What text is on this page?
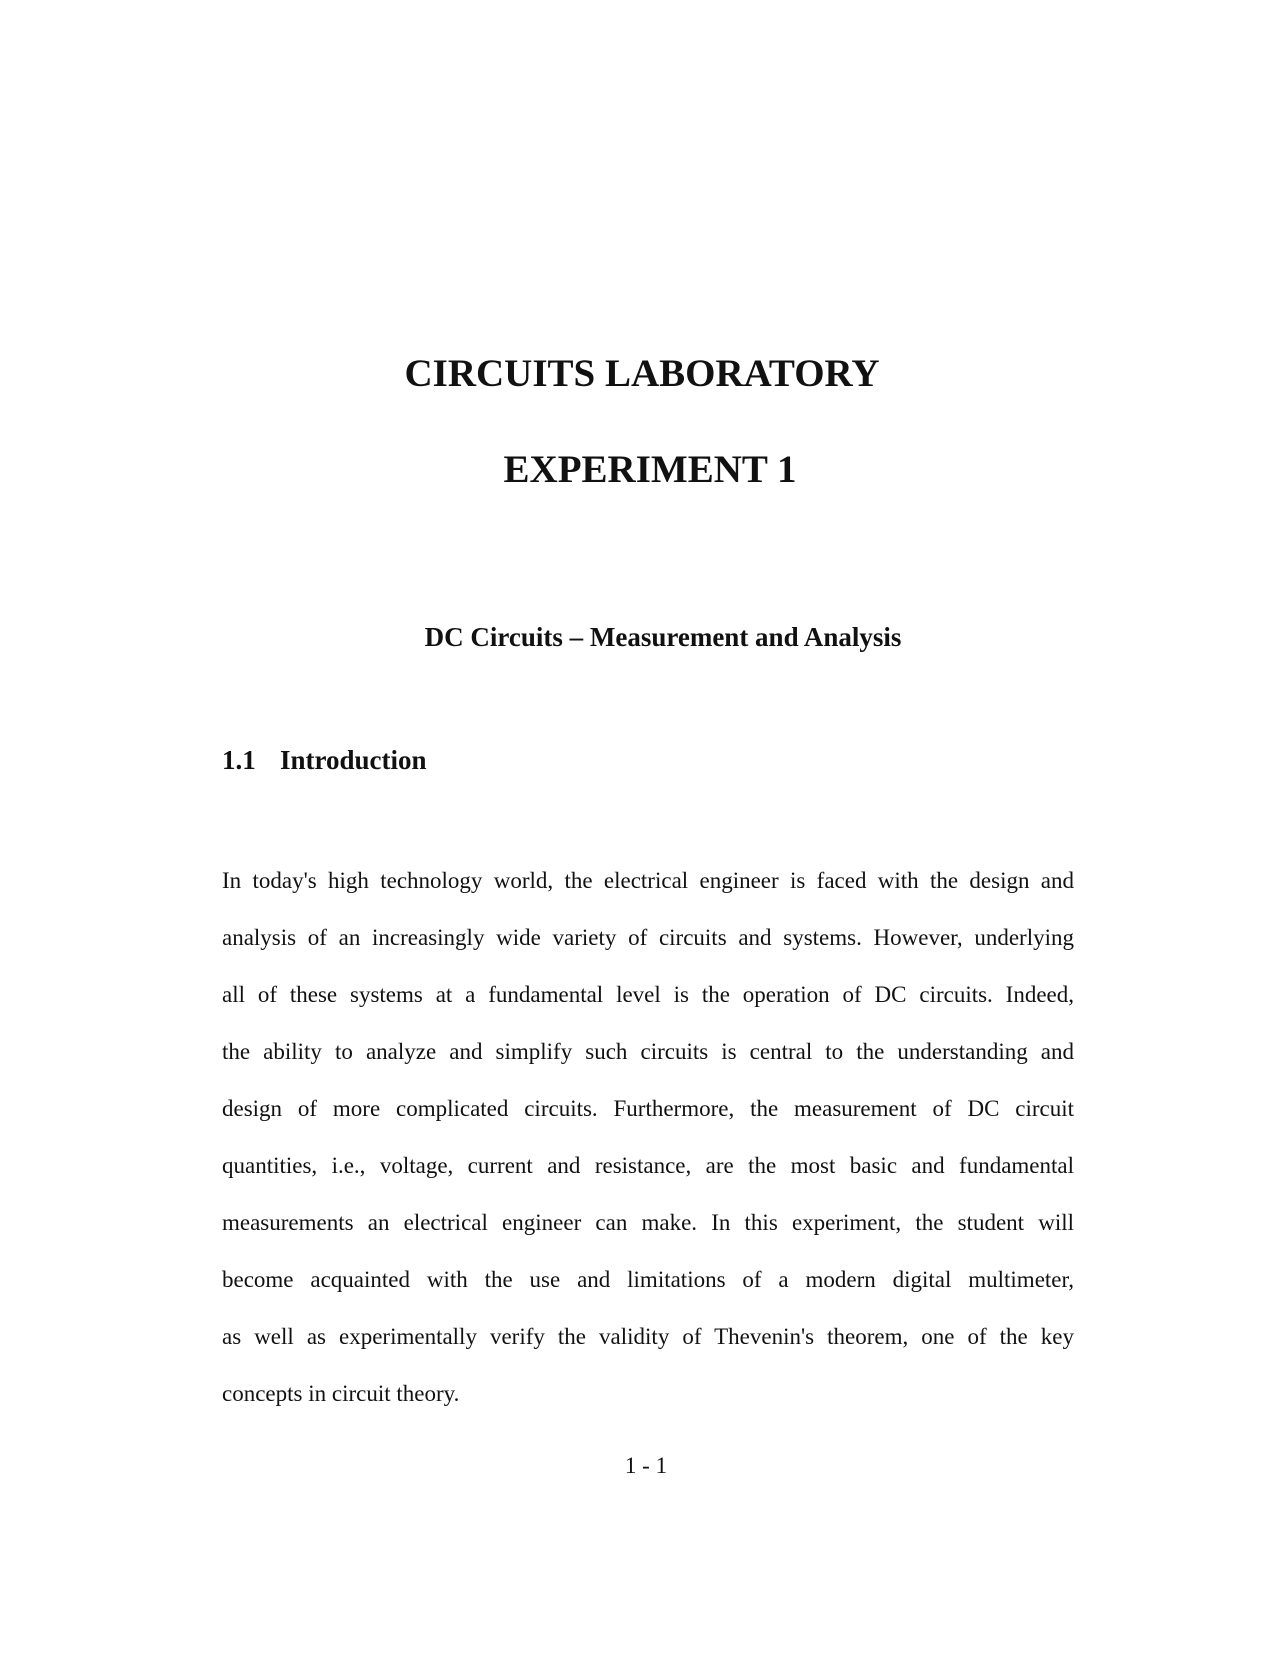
CIRCUITS LABORATORY
EXPERIMENT 1
DC Circuits – Measurement and Analysis
1.1 Introduction

In today's high technology world, the electrical engineer is faced with the design and
analysis of an increasingly wide variety of circuits and systems. However, underlying
all of these systems at a fundamental level is the operation of DC circuits. Indeed,
the ability to analyze and simplify such circuits is central to the understanding and
design of more complicated circuits. Furthermore, the measurement of DC circuit
quantities, i.e., voltage, current and resistance, are the most basic and fundamental
measurements an electrical engineer can make. In this experiment, the student will
become acquainted with the use and limitations of a modern digital multimeter,
as well as experimentally verify the validity of Thevenin's theorem, one of the key
concepts in circuit theory.

1 - 1
